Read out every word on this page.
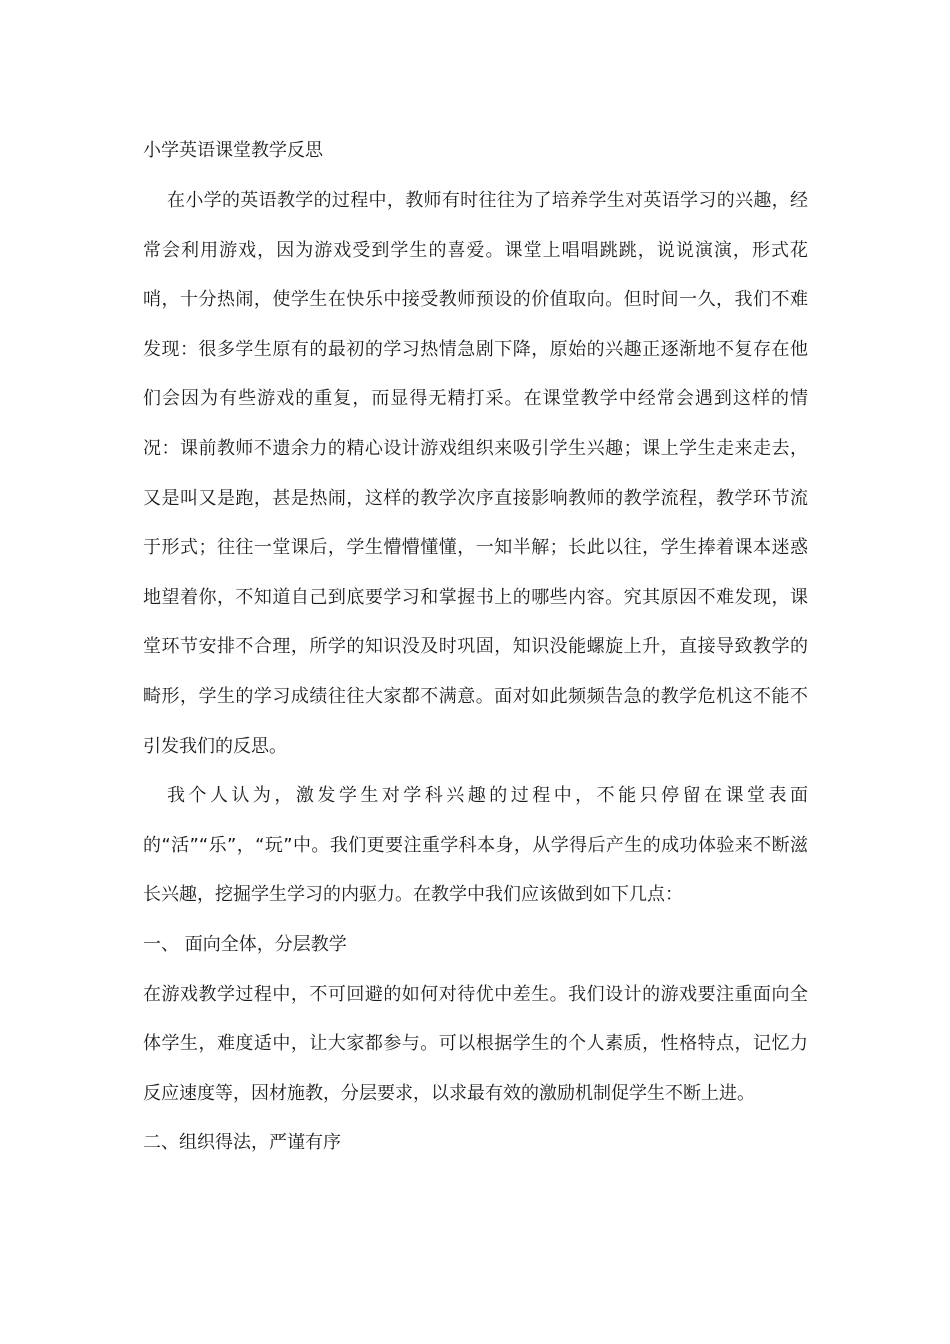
小学英语课堂教学反思

在小学的英语教学的过程中，教师有时往往为了培养学生对英语学习的兴趣，经常会利用游戏，因为游戏受到学生的喜爱。课堂上唱唱跳跳，说说演演，形式花哨，十分热闹，使学生在快乐中接受教师预设的价值取向。但时间一久，我们不难发现：很多学生原有的最初的学习热情急剧下降，原始的兴趣正逐渐地不复存在他们会因为有些游戏的重复，而显得无精打采。在课堂教学中经常会遇到这样的情况：课前教师不遗余力的精心设计游戏组织来吸引学生兴趣；课上学生走来走去，又是叫又是跑，甚是热闹，这样的教学次序直接影响教师的教学流程，教学环节流于形式；往往一堂课后，学生懵懵懂懂，一知半解；长此以往，学生捧着课本迷惑地望着你，不知道自己到底要学习和掌握书上的哪些内容。究其原因不难发现，课堂环节安排不合理，所学的知识没及时巩固，知识没能螺旋上升，直接导致教学的畸形，学生的学习成绩往往大家都不满意。面对如此频频告急的教学危机这不能不引发我们的反思。

我个人认为，激发学生对学科兴趣的过程中，不能只停留在课堂表面的“活”“乐”，“玩”中。我们更要注重学科本身，从学得后产生的成功体验来不断滋长兴趣，挖掘学生学习的内驱力。在教学中我们应该做到如下几点：

一、 面向全体，分层教学

在游戏教学过程中，不可回避的如何对待优中差生。我们设计的游戏要注重面向全体学生，难度适中，让大家都参与。可以根据学生的个人素质，性格特点，记忆力反应速度等，因材施教，分层要求，以求最有效的激励机制促学生不断上进。

二、组织得法，严谨有序
